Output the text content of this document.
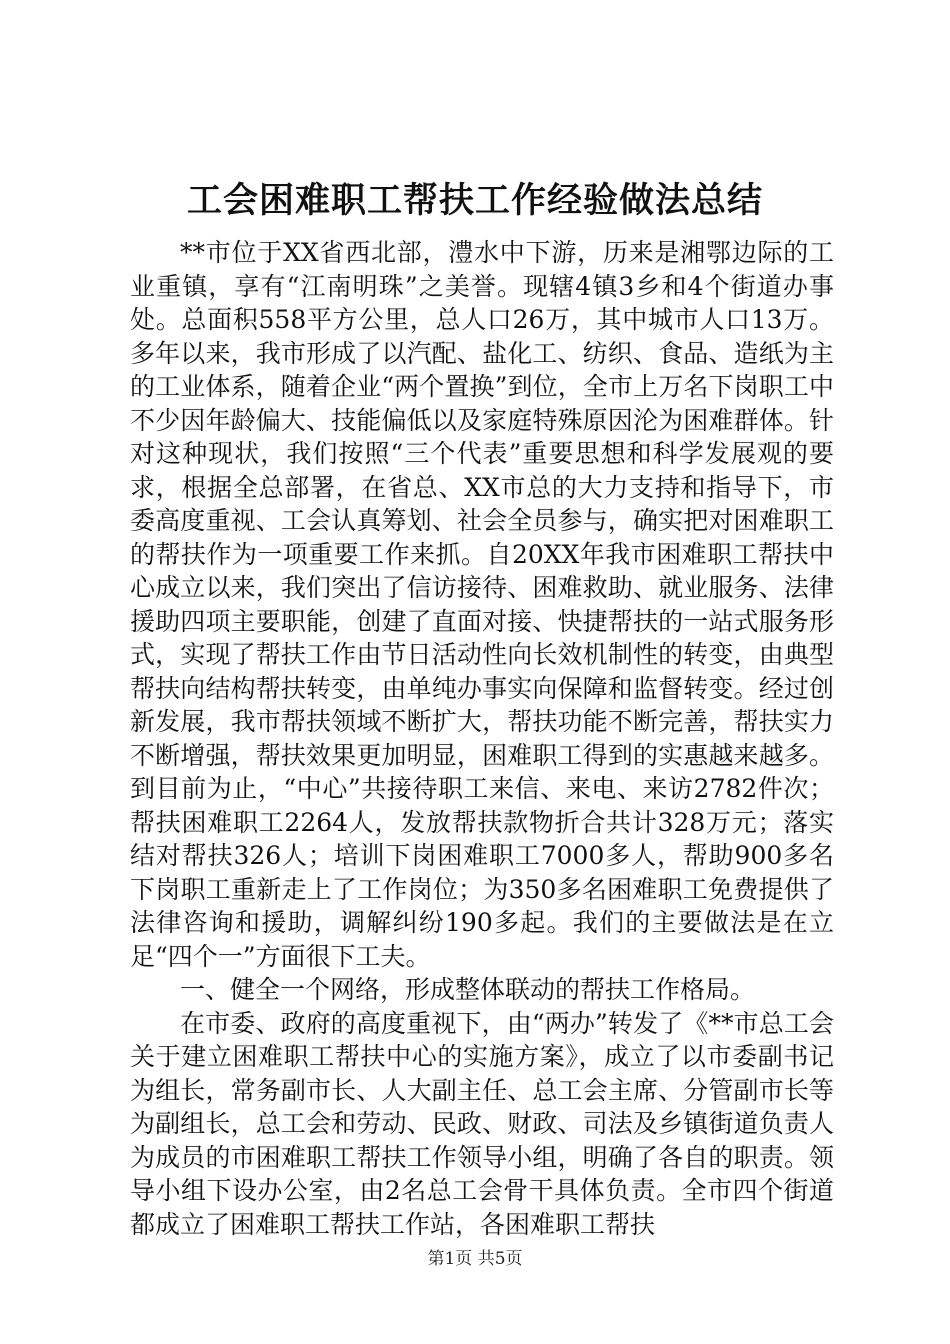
工会困难职工帮扶工作经验做法总结

**市位于XX省西北部，澧水中下游，历来是湘鄂边际的工业重镇，享有“江南明珠”之美誉。现辖4镇3乡和4个街道办事处。总面积558平方公里，总人口26万，其中城市人口13万。多年以来，我市形成了以汽配、盐化工、纺织、食品、造纸为主的工业体系，随着企业“两个置换”到位，全市上万名下岗职工中不少因年龄偏大、技能偏低以及家庭特殊原因沦为困难群体。针对这种现状，我们按照“三个代表”重要思想和科学发展观的要求，根据全总部署，在省总、XX市总的大力支持和指导下，市委高度重视、工会认真筹划、社会全员参与，确实把对困难职工的帮扶作为一项重要工作来抓。自20XX年我市困难职工帮扶中心成立以来，我们突出了信访接待、困难救助、就业服务、法律援助四项主要职能，创建了直面对接、快捷帮扶的一站式服务形式，实现了帮扶工作由节日活动性向长效机制性的转变，由典型帮扶向结构帮扶转变，由单纯办事实向保障和监督转变。经过创新发展，我市帮扶领域不断扩大，帮扶功能不断完善，帮扶实力不断增强，帮扶效果更加明显，困难职工得到的实惠越来越多。到目前为止，“中心”共接待职工来信、来电、来访2782件次；帮扶困难职工2264人，发放帮扶款物折合共计328万元；落实结对帮扶326人；培训下岗困难职工7000多人，帮助900多名下岗职工重新走上了工作岗位；为350多名困难职工免费提供了法律咨询和援助，调解纠纷190多起。我们的主要做法是在立足“四个一”方面很下工夫。

一、健全一个网络，形成整体联动的帮扶工作格局。

在市委、政府的高度重视下，由“两办”转发了《**市总工会关于建立困难职工帮扶中心的实施方案》，成立了以市委副书记为组长，常务副市长、人大副主任、总工会主席、分管副市长等为副组长，总工会和劳动、民政、财政、司法及乡镇街道负责人为成员的市困难职工帮扶工作领导小组，明确了各自的职责。领导小组下设办公室，由2名总工会骨干具体负责。全市四个街道都成立了困难职工帮扶工作站，各困难职工帮扶

第1页 共5页
